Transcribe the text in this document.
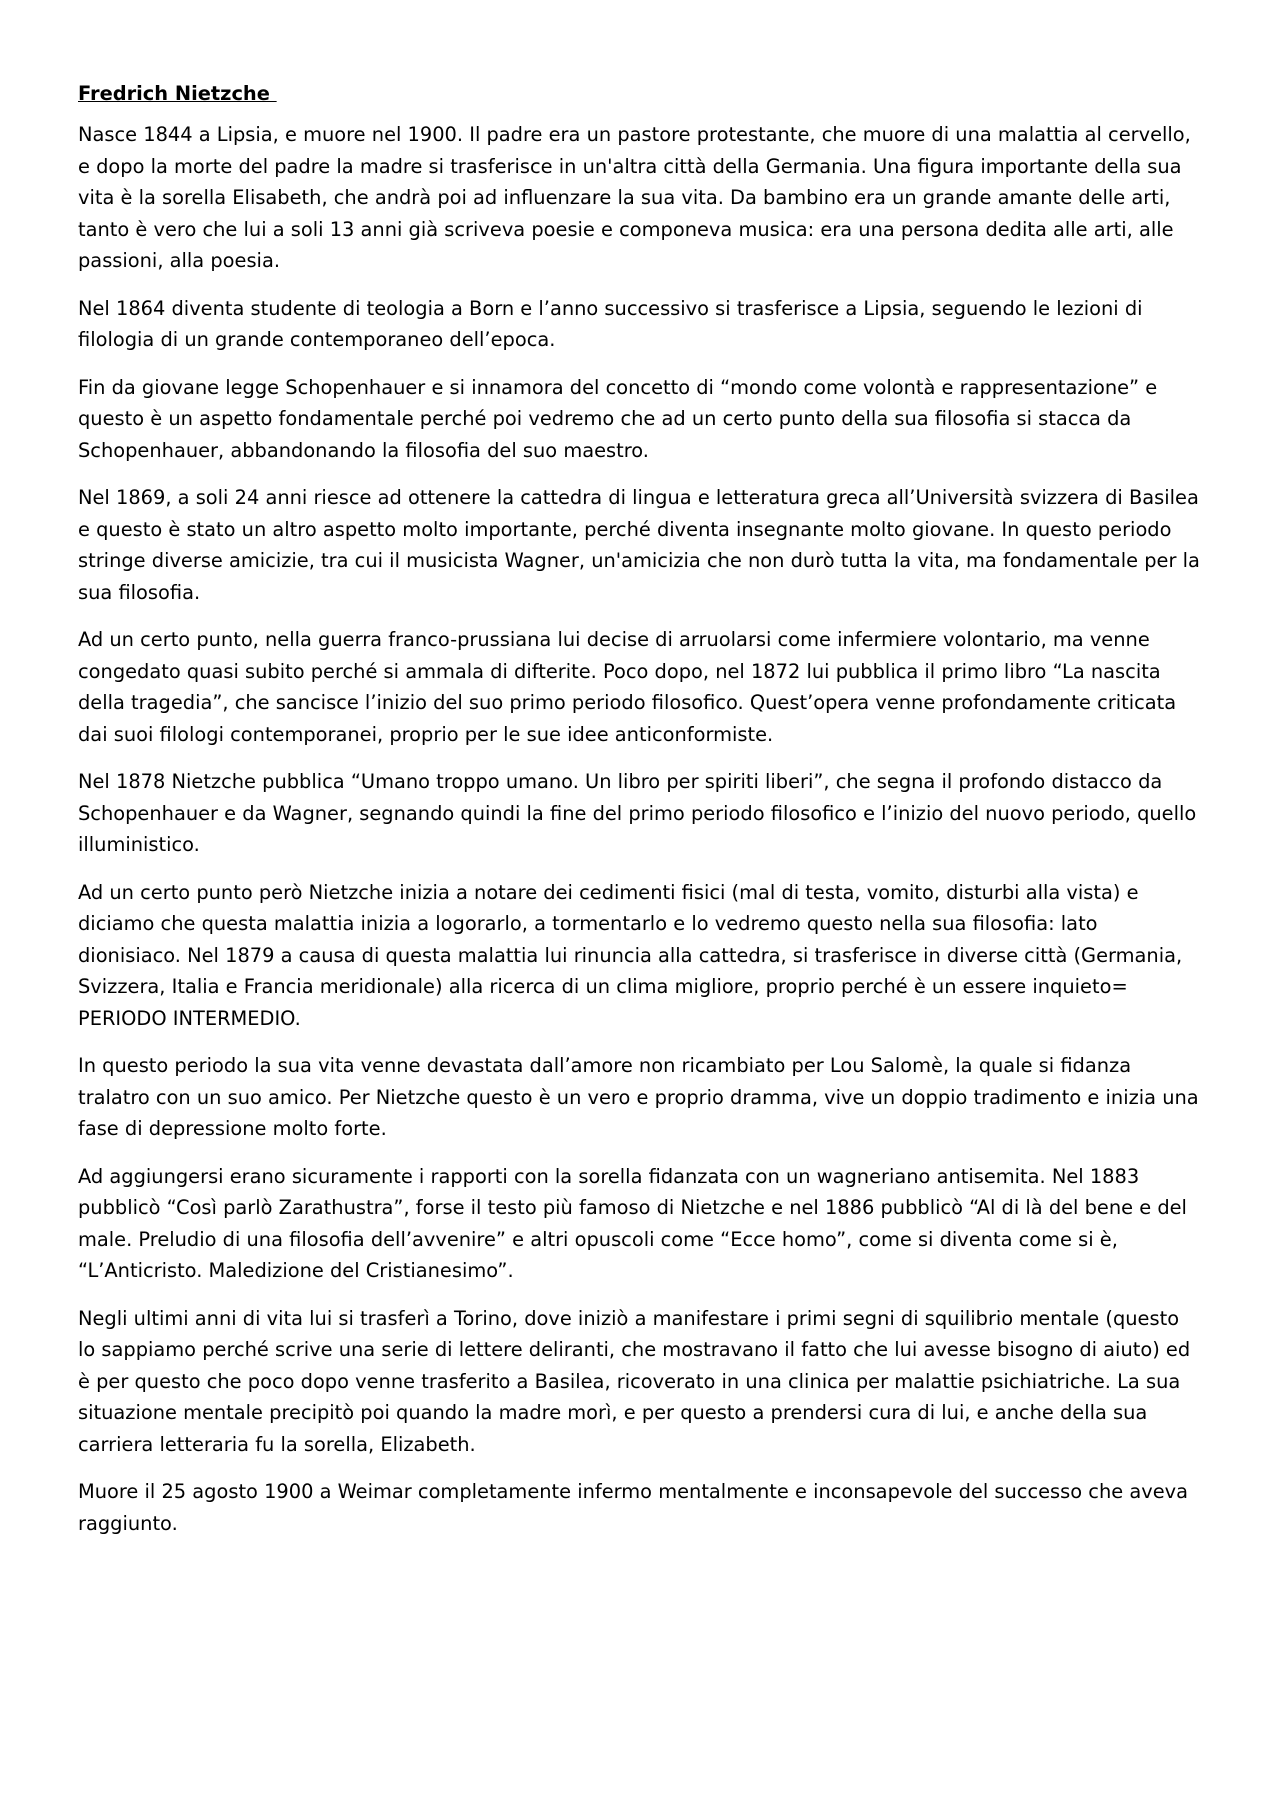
Fredrich Nietzche

Nasce 1844 a Lipsia, e muore nel 1900. Il padre era un pastore protestante, che muore di una malattia al cervello, e dopo la morte del padre la madre si trasferisce in un'altra città della Germania. Una figura importante della sua vita è la sorella Elisabeth, che andrà poi ad influenzare la sua vita. Da bambino era un grande amante delle arti, tanto è vero che lui a soli 13 anni già scriveva poesie e componeva musica: era una persona dedita alle arti, alle passioni, alla poesia.

Nel 1864 diventa studente di teologia a Born e l’anno successivo si trasferisce a Lipsia, seguendo le lezioni di filologia di un grande contemporaneo dell’epoca.

Fin da giovane legge Schopenhauer e si innamora del concetto di “mondo come volontà e rappresentazione” e questo è un aspetto fondamentale perché poi vedremo che ad un certo punto della sua filosofia si stacca da Schopenhauer, abbandonando la filosofia del suo maestro.

Nel 1869, a soli 24 anni riesce ad ottenere la cattedra di lingua e letteratura greca all’Università svizzera di Basilea e questo è stato un altro aspetto molto importante, perché diventa insegnante molto giovane. In questo periodo stringe diverse amicizie, tra cui il musicista Wagner, un'amicizia che non durò tutta la vita, ma fondamentale per la sua filosofia.

Ad un certo punto, nella guerra franco-prussiana lui decise di arruolarsi come infermiere volontario, ma venne congedato quasi subito perché si ammala di difterite. Poco dopo, nel 1872 lui pubblica il primo libro “La nascita della tragedia”, che sancisce l’inizio del suo primo periodo filosofico. Quest’opera venne profondamente criticata dai suoi filologi contemporanei, proprio per le sue idee anticonformiste.

Nel 1878 Nietzche pubblica “Umano troppo umano. Un libro per spiriti liberi”, che segna il profondo distacco da Schopenhauer e da Wagner, segnando quindi la fine del primo periodo filosofico e l’inizio del nuovo periodo, quello illuministico.

Ad un certo punto però Nietzche inizia a notare dei cedimenti fisici (mal di testa, vomito, disturbi alla vista) e diciamo che questa malattia inizia a logorarlo, a tormentarlo e lo vedremo questo nella sua filosofia: lato dionisiaco. Nel 1879 a causa di questa malattia lui rinuncia alla cattedra, si trasferisce in diverse città (Germania, Svizzera, Italia e Francia meridionale) alla ricerca di un clima migliore, proprio perché è un essere inquieto= PERIODO INTERMEDIO.

In questo periodo la sua vita venne devastata dall’amore non ricambiato per Lou Salomè, la quale si fidanza tralatro con un suo amico. Per Nietzche questo è un vero e proprio dramma, vive un doppio tradimento e inizia una fase di depressione molto forte.

Ad aggiungersi erano sicuramente i rapporti con la sorella fidanzata con un wagneriano antisemita. Nel 1883 pubblicò “Così parlò Zarathustra”, forse il testo più famoso di Nietzche e nel 1886 pubblicò “Al di là del bene e del male. Preludio di una filosofia dell’avvenire” e altri opuscoli come “Ecce homo”, come si diventa come si è, “L’Anticristo. Maledizione del Cristianesimo”.

Negli ultimi anni di vita lui si trasferì a Torino, dove iniziò a manifestare i primi segni di squilibrio mentale (questo lo sappiamo perché scrive una serie di lettere deliranti, che mostravano il fatto che lui avesse bisogno di aiuto) ed è per questo che poco dopo venne trasferito a Basilea, ricoverato in una clinica per malattie psichiatriche. La sua situazione mentale precipitò poi quando la madre morì, e per questo a prendersi cura di lui, e anche della sua carriera letteraria fu la sorella, Elizabeth.

Muore il 25 agosto 1900 a Weimar completamente infermo mentalmente e inconsapevole del successo che aveva raggiunto.
